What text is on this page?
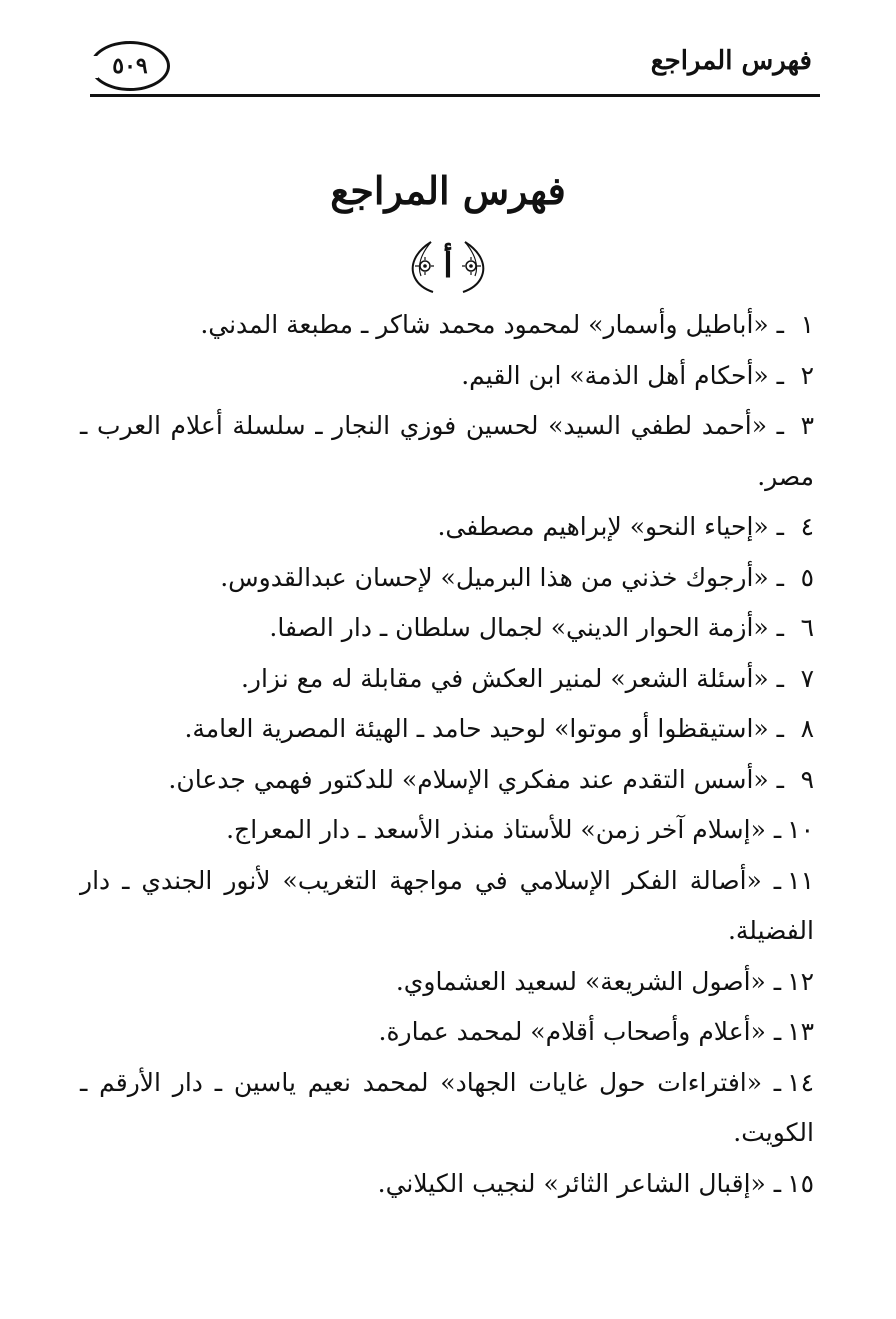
فهرس المراجع
٥٠٩
فهرس المراجع
أ

١ـ «أباطيل وأسمار» لمحمود محمد شاكر ـ مطبعة المدني.

٢ـ «أحكام أهل الذمة» ابن القيم.

٣ـ «أحمد لطفي السيد» لحسين فوزي النجار ـ سلسلة أعلام العرب ـ مصر.

٤ـ «إحياء النحو» لإبراهيم مصطفى.

٥ـ «أرجوك خذني من هذا البرميل» لإحسان عبدالقدوس.

٦ـ «أزمة الحوار الديني» لجمال سلطان ـ دار الصفا.

٧ـ «أسئلة الشعر» لمنير العكش في مقابلة له مع نزار.

٨ـ «استيقظوا أو موتوا» لوحيد حامد ـ الهيئة المصرية العامة.

٩ـ «أسس التقدم عند مفكري الإسلام» للدكتور فهمي جدعان.

١٠ـ «إسلام آخر زمن» للأستاذ منذر الأسعد ـ دار المعراج.

١١ـ «أصالة الفكر الإسلامي في مواجهة التغريب» لأنور الجندي ـ دار الفضيلة.

١٢ـ «أصول الشريعة» لسعيد العشماوي.

١٣ـ «أعلام وأصحاب أقلام» لمحمد عمارة.

١٤ـ «افتراءات حول غايات الجهاد» لمحمد نعيم ياسين ـ دار الأرقم ـ الكويت.

١٥ـ «إقبال الشاعر الثائر» لنجيب الكيلاني.
